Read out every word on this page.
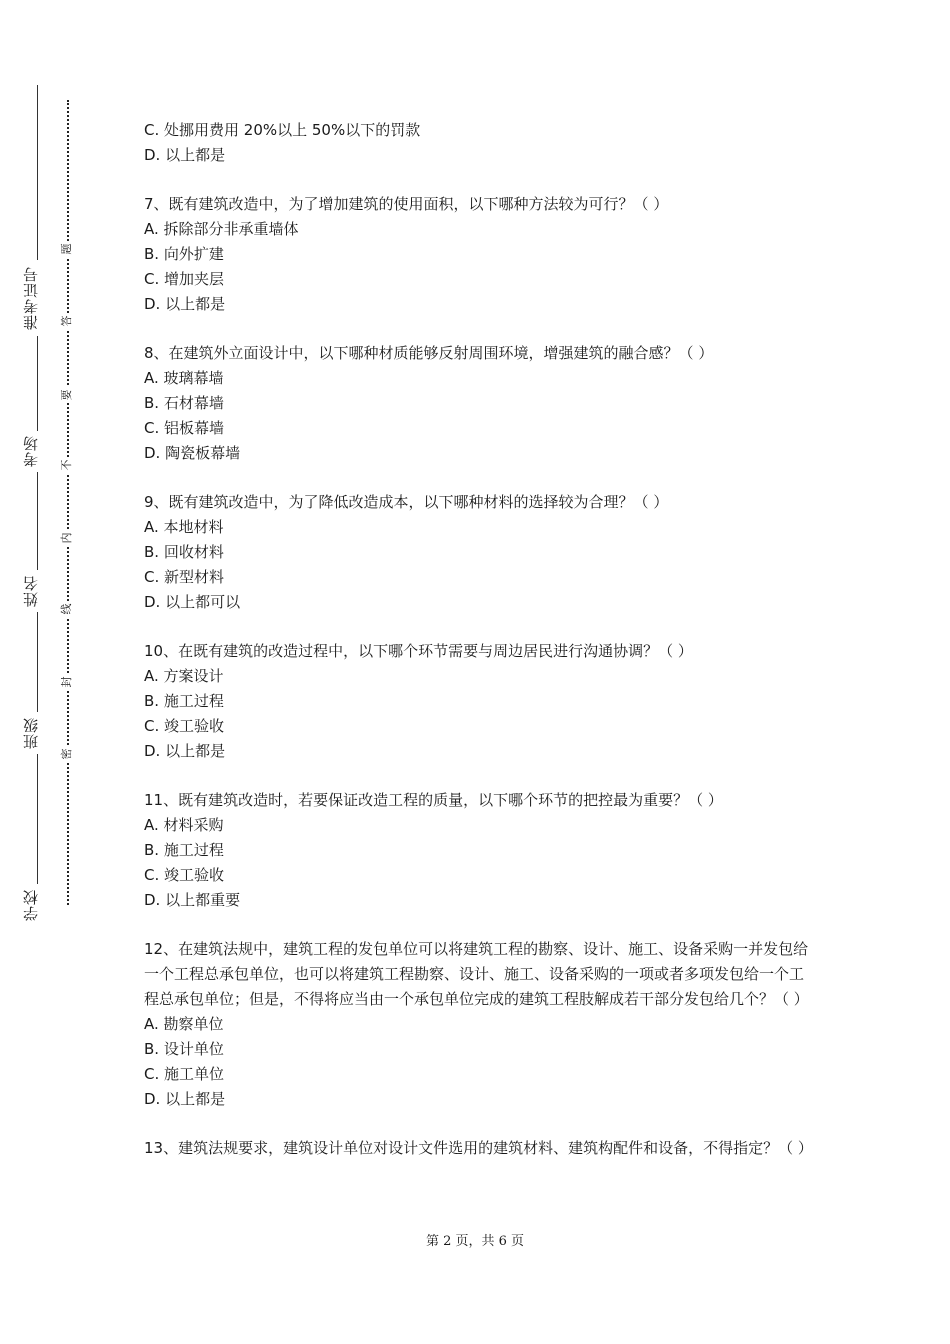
准考证号
考场
姓名
班级
学校
题
答
要
不
内
线
封
密
C. 处挪用费用 20%以上 50%以下的罚款
D. 以上都是
7、既有建筑改造中，为了增加建筑的使用面积，以下哪种方法较为可行？（ ）
A. 拆除部分非承重墙体
B. 向外扩建
C. 增加夹层
D. 以上都是
8、在建筑外立面设计中，以下哪种材质能够反射周围环境，增强建筑的融合感？（ ）
A. 玻璃幕墙
B. 石材幕墙
C. 铝板幕墙
D. 陶瓷板幕墙
9、既有建筑改造中，为了降低改造成本，以下哪种材料的选择较为合理？（ ）
A. 本地材料
B. 回收材料
C. 新型材料
D. 以上都可以
10、在既有建筑的改造过程中，以下哪个环节需要与周边居民进行沟通协调？（ ）
A. 方案设计
B. 施工过程
C. 竣工验收
D. 以上都是
11、既有建筑改造时，若要保证改造工程的质量，以下哪个环节的把控最为重要？（ ）
A. 材料采购
B. 施工过程
C. 竣工验收
D. 以上都重要
12、在建筑法规中，建筑工程的发包单位可以将建筑工程的勘察、设计、施工、设备采购一并发包给一个工程总承包单位，也可以将建筑工程勘察、设计、施工、设备采购的一项或者多项发包给一个工程总承包单位；但是，不得将应当由一个承包单位完成的建筑工程肢解成若干部分发包给几个？（ ）
A. 勘察单位
B. 设计单位
C. 施工单位
D. 以上都是
13、建筑法规要求，建筑设计单位对设计文件选用的建筑材料、建筑构配件和设备，不得指定？（ ）
第 2 页，共 6 页
